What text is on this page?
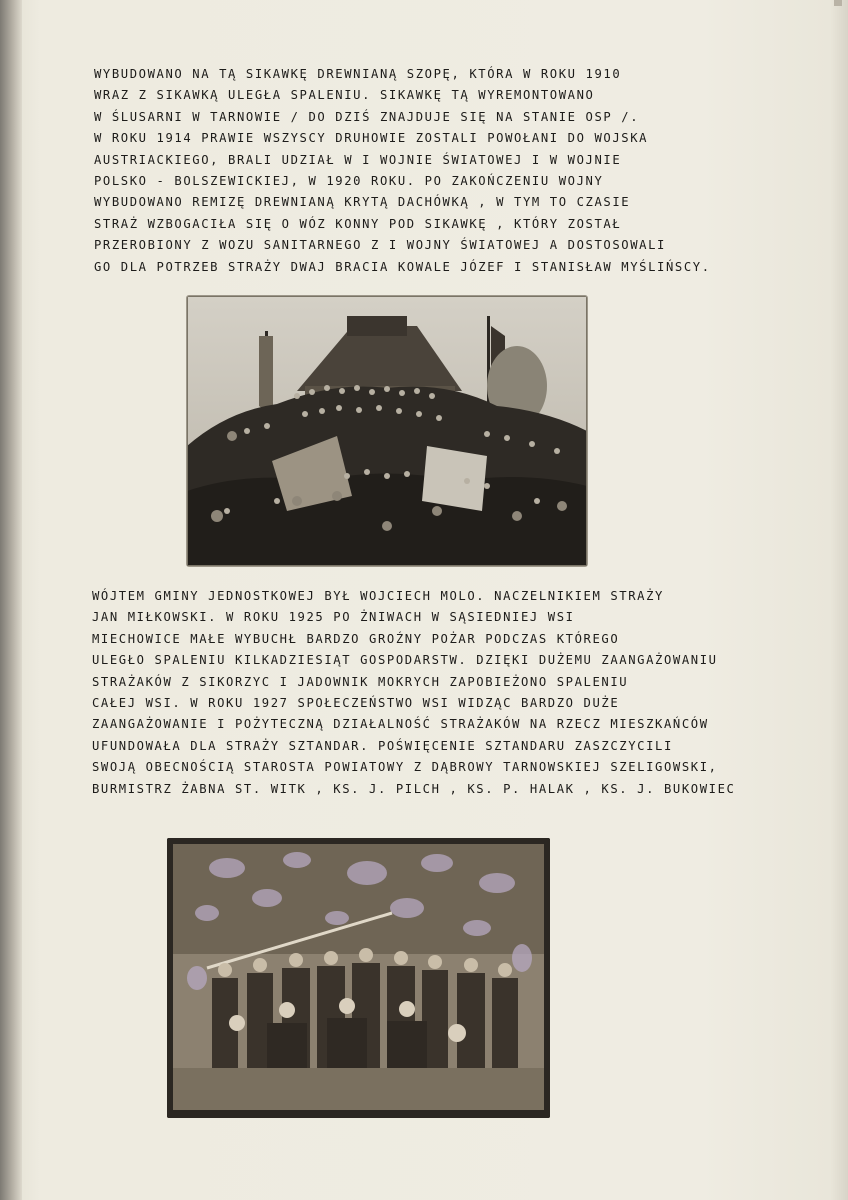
WYBUDOWANO NA TĄ SIKAWKĘ DREWNIANĄ SZOPĘ, KTÓRA W ROKU 1910
WRAZ Z SIKAWKĄ ULEGŁA SPALENIU. SIKAWKĘ TĄ WYREMONTOWANO
W ŚLUSARNI W TARNOWIE / DO DZIŚ ZNAJDUJE SIĘ NA STANIE OSP /.
W ROKU 1914 PRAWIE WSZYSCY DRUHOWIE ZOSTALI POWOŁANI DO WOJSKA
AUSTRIACKIEGO, BRALI UDZIAŁ W I WOJNIE ŚWIATOWEJ I W WOJNIE
POLSKO - BOLSZEWICKIEJ, W 1920 ROKU. PO ZAKOŃCZENIU WOJNY
WYBUDOWANO REMIZĘ DREWNIANĄ KRYTĄ DACHÓWKĄ , W TYM TO CZASIE
STRAŻ WZBOGACIŁA SIĘ O WÓZ KONNY POD SIKAWKĘ , KTÓRY ZOSTAŁ
PRZEROBIONY Z WOZU SANITARNEGO Z I WOJNY ŚWIATOWEJ A DOSTOSOWALI
GO DLA POTRZEB STRAŻY DWAJ BRACIA KOWALE JÓZEF I STANISŁAW MYŚLIŃSCY.
WÓJTEM GMINY JEDNOSTKOWEJ BYŁ WOJCIECH MOLO. NACZELNIKIEM STRAŻY
JAN MIŁKOWSKI. W ROKU 1925 PO ŻNIWACH W SĄSIEDNIEJ WSI
MIECHOWICE MAŁE WYBUCHŁ BARDZO GROŹNY POŻAR PODCZAS KTÓREGO
ULEGŁO SPALENIU KILKADZIESIĄT GOSPODARSTW. DZIĘKI DUŻEMU ZAANGAŻOWANIU
STRAŻAKÓW Z SIKORZYC I JADOWNIK MOKRYCH ZAPOBIEŻONO SPALENIU
CAŁEJ WSI. W ROKU 1927 SPOŁECZEŃSTWO WSI WIDZĄC BARDZO DUŻE
ZAANGAŻOWANIE I POŻYTECZNĄ DZIAŁALNOŚĆ STRAŻAKÓW NA RZECZ MIESZKAŃCÓW
UFUNDOWAŁA DLA STRAŻY SZTANDAR. POŚWIĘCENIE SZTANDARU ZASZCZYCILI
SWOJĄ OBECNOŚCIĄ STAROSTA POWIATOWY Z DĄBROWY TARNOWSKIEJ SZELIGOWSKI,
BURMISTRZ ŻABNA ST. WITK , KS. J. PILCH , KS. P. HALAK , KS. J. BUKOWIEC
